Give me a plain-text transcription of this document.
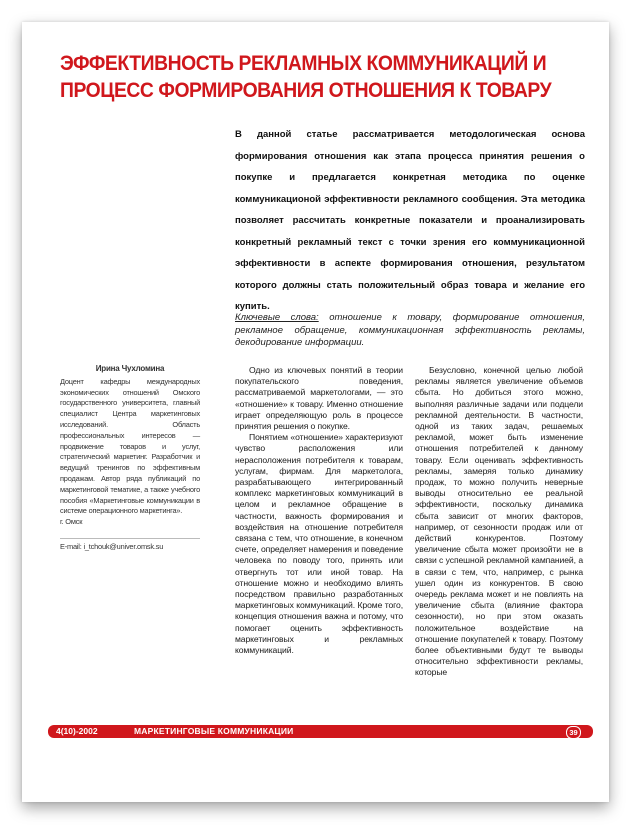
ЭФФЕКТИВНОСТЬ РЕКЛАМНЫХ КОММУНИКАЦИЙ И
ПРОЦЕСС ФОРМИРОВАНИЯ ОТНОШЕНИЯ К ТОВАРУ

В данной статье рассматривается методологическая основа формирования отношения как этапа процесса принятия решения о покупке и предлагается конкретная методика по оценке коммуникационой эффективности рекламного сообщения. Эта методика позволяет рассчитать конкретные показатели и проанализировать конкретный рекламный текст с точки зрения его коммуникационной эффективности в аспекте формирования отношения, результатом которого должны стать положительный образ товара и желание его купить.

Ключевые слова: отношение к товару, формирование отношения, рекламное обращение, коммуникационная эффективность рекламы, декодирование информации.

Ирина Чухломина

Доцент кафедры международных экономических отношений Омского государственного университета, главный специалист Центра маркетинговых исследований. Область профессиональных интересов — продвижение товаров и услуг, стратегический маркетинг. Разработчик и ведущий тренингов по эффективным продажам. Автор ряда публикаций по маркетинговой тематике, а также учебного пособия «Маркетинговые коммуникации в системе операционного маркетинга».

г. Омск

E-mail: i_tchouk@univer.omsk.su

Одно из ключевых понятий в теории покупательского поведения, рассматриваемой маркетологами, — это «отношение» к товару. Именно отношение играет определяющую роль в процессе принятия решения о покупке.

Понятием «отношение» характеризуют чувство расположения или нерасположения потребителя к товарам, услугам, фирмам. Для маркетолога, разрабатывающего интегрированный комплекс маркетинговых коммуникаций в целом и рекламное обращение в частности, важность формирования и воздействия на отношение потребителя связана с тем, что отношение, в конечном счете, определяет намерения и поведение человека по поводу того, принять или отвергнуть тот или иной товар. На отношение можно и необходимо влиять посредством правильно разработанных маркетинговых коммуникаций. Кроме того, концепция отношения важна и потому, что помогает оценить эффективность маркетинговых и рекламных коммуникаций.

Безусловно, конечной целью любой рекламы является увеличение объемов сбыта. Но добиться этого можно, выполняя различные задачи или подцели рекламной деятельности. В частности, одной из таких задач, решаемых рекламой, может быть изменение отношения потребителей к данному товару. Если оценивать эффективность рекламы, замеряя только динамику продаж, то можно получить неверные выводы относительно ее реальной эффективности, поскольку динамика сбыта зависит от многих факторов, например, от сезонности продаж или от действий конкурентов. Поэтому увеличение сбыта может произойти не в связи с успешной рекламной кампанией, а в связи с тем, что, например, с рынка ушел один из конкурентов. В свою очередь реклама может и не повлиять на увеличение сбыта (влияние фактора сезонности), но при этом оказать положительное воздействие на отношение покупателей к товару. Поэтому более объективными будут те выводы относительно эффективности рекламы, которые

4(10)-2002	МАРКЕТИНГОВЫЕ КОММУНИКАЦИИ	39
